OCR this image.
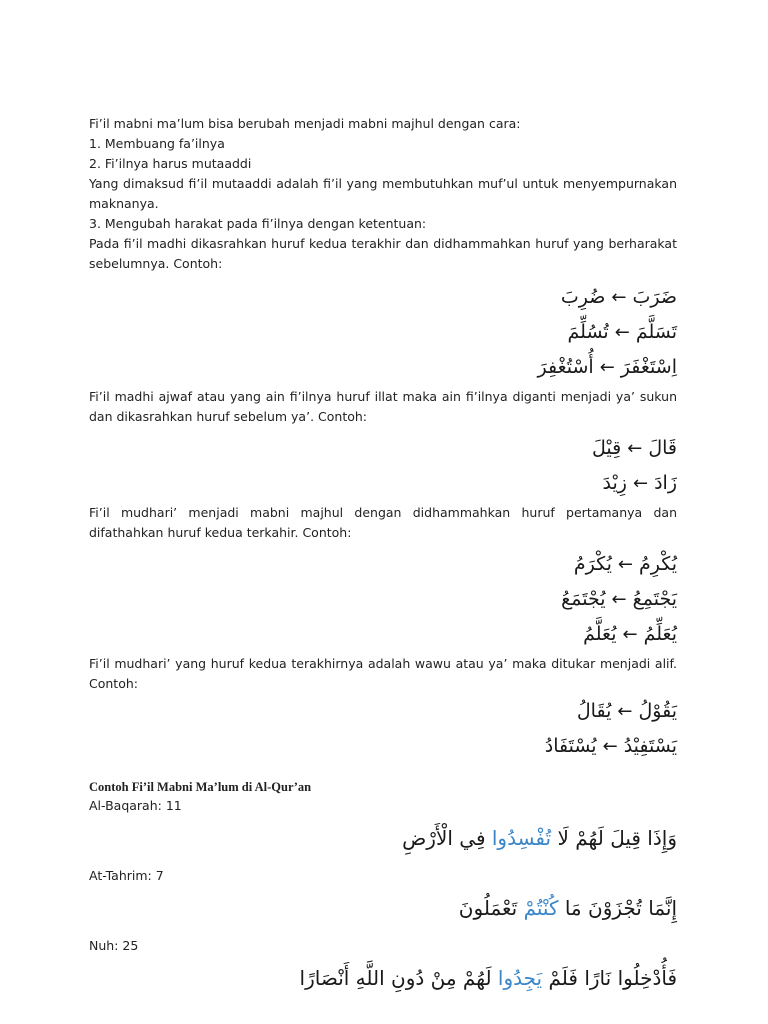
Fi’il mabni ma’lum bisa berubah menjadi mabni majhul dengan cara:

1. Membuang fa’ilnya

2. Fi’ilnya harus mutaaddi

Yang dimaksud fi’il mutaaddi adalah fi’il yang membutuhkan muf’ul untuk menyempurnakan maknanya.

3. Mengubah harakat pada fi’ilnya dengan ketentuan:

Pada fi’il madhi dikasrahkan huruf kedua terakhir dan didhammahkan huruf yang berharakat sebelumnya. Contoh:

ضَرَبَ←ضُرِبَ

تَسَلَّمَ←تُسُلِّمَ

اِسْتَغْفَرَ←أُسْتُغْفِرَ

Fi’il madhi ajwaf atau yang ain fi’ilnya huruf illat maka ain fi’ilnya diganti menjadi ya’ sukun dan dikasrahkan huruf sebelum ya’. Contoh:

قَالَ←قِيْلَ

زَادَ←زِيْدَ

Fi’il mudhari’ menjadi mabni majhul dengan didhammahkan huruf pertamanya dan difathahkan huruf kedua terkahir. Contoh:

يُكْرِمُ←يُكْرَمُ

يَجْتَمِعُ←يُجْتَمَعُ

يُعَلِّمُ←يُعَلَّمُ

Fi’il mudhari’ yang huruf kedua terakhirnya adalah wawu atau ya’ maka ditukar menjadi alif. Contoh:

يَقُوْلُ←يُقَالُ

يَسْتَفِيْدُ←يُسْتَفَادُ

Contoh Fi’il Mabni Ma’lum di Al-Qur’an

Al-Baqarah: 11

وَإِذَا قِيلَ لَهُمْ لَا تُفْسِدُوا فِي الْأَرْضِ

At-Tahrim: 7

إِنَّمَا تُجْزَوْنَ مَا كُنْتُمْ تَعْمَلُونَ

Nuh: 25

فَأُدْخِلُوا نَارًا فَلَمْ يَجِدُوا لَهُمْ مِنْ دُونِ اللَّهِ أَنْصَارًا
